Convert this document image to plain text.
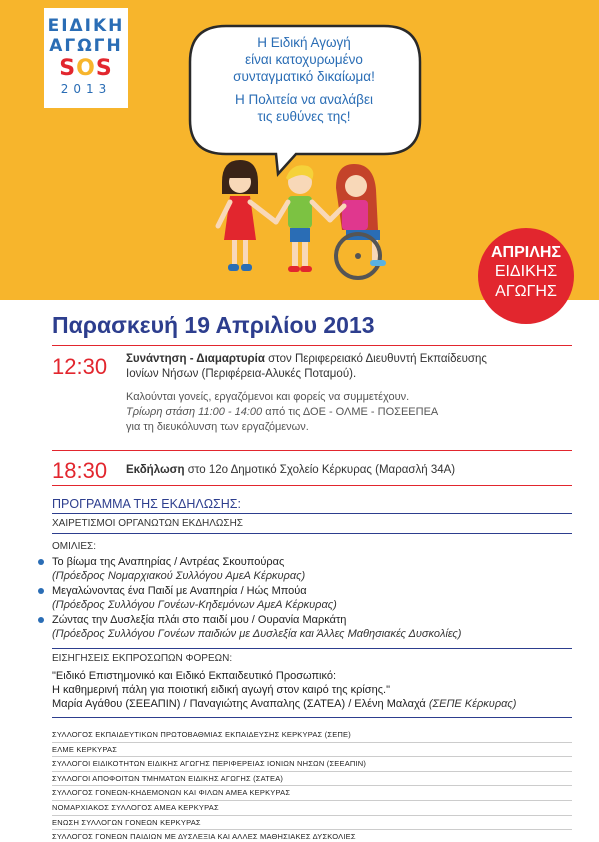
ΕΙΔΙΚΗ
ΑΓΩΓΗ
SOS
2013
Η Ειδική Αγωγή
είναι κατοχυρωμένο
συνταγματικό δικαίωμα!
Η Πολιτεία να αναλάβει
τις ευθύνες της!
ΑΠΡΙΛΗΣ
ΕΙΔΙΚΗΣ
ΑΓΩΓΗΣ
Παρασκευή 19 Απριλίου 2013
12:30 Συνάντηση - Διαμαρτυρία στον Περιφερειακό Διευθυντή Εκπαίδευσης
Ιονίων Νήσων (Περιφέρεια-Αλυκές Ποταμού).
Καλούνται γονείς, εργαζόμενοι και φορείς να συμμετέχουν.
Τρίωρη στάση 11:00 - 14:00 από τις ΔΟΕ - ΟΛΜΕ - ΠΟΣΕΕΠΕΑ
για τη διευκόλυνση των εργαζόμενων.
18:30 Εκδήλωση στο 12ο Δημοτικό Σχολείο Κέρκυρας (Μαρασλή 34Α)
ΠΡΟΓΡΑΜΜΑ ΤΗΣ ΕΚΔΗΛΩΣΗΣ:
ΧΑΙΡΕΤΙΣΜΟΙ ΟΡΓΑΝΩΤΩΝ ΕΚΔΗΛΩΣΗΣ
ΟΜΙΛΙΕΣ:
Το βίωμα της Αναπηρίας / Αντρέας Σκουπούρας
(Πρόεδρος Νομαρχιακού Συλλόγου ΑμεΑ Κέρκυρας)
Μεγαλώνοντας ένα Παιδί με Αναπηρία / Ηώς Μπούα
(Πρόεδρος Συλλόγου Γονέων-Κηδεμόνων ΑμεΑ Κέρκυρας)
Ζώντας την Δυσλεξία πλάι στο παιδί μου / Ουρανία Μαρκάτη
(Πρόεδρος Συλλόγου Γονέων παιδιών με Δυσλεξία και Άλλες Μαθησιακές Δυσκολίες)
ΕΙΣΗΓΗΣΕΙΣ ΕΚΠΡΟΣΩΠΩΝ ΦΟΡΕΩΝ:
"Ειδικό Επιστημονικό και Ειδικό Εκπαιδευτικό Προσωπικό:
Η καθημερινή πάλη για ποιοτική ειδική αγωγή στον καιρό της κρίσης."
Μαρία Αγάθου (ΣΕΕΑΠΙΝ) / Παναγιώτης Αναπαλης (ΣΑΤΕΑ) / Ελένη Μαλαχά (ΣΕΠΕ Κέρκυρας)
ΣΥΛΛΟΓΟΣ ΕΚΠΑΙΔΕΥΤΙΚΩΝ ΠΡΩΤΟΒΑΘΜΙΑΣ ΕΚΠΑΙΔΕΥΣΗΣ ΚΕΡΚΥΡΑΣ (ΣΕΠΕ)
ΕΛΜΕ ΚΕΡΚΥΡΑΣ
ΣΥΛΛΟΓΟΙ ΕΙΔΙΚΟΤΗΤΩΝ ΕΙΔΙΚΗΣ ΑΓΩΓΗΣ ΠΕΡΙΦΕΡΕΙΑΣ ΙΟΝΙΩΝ ΝΗΣΩΝ (ΣΕΕΑΠΙΝ)
ΣΥΛΛΟΓΟΙ ΑΠΟΦΟΙΤΩΝ ΤΜΗΜΑΤΩΝ ΕΙΔΙΚΗΣ ΑΓΩΓΗΣ (ΣΑΤΕΑ)
ΣΥΛΛΟΓΟΣ ΓΟΝΕΩΝ-ΚΗΔΕΜΟΝΩΝ ΚΑΙ ΦΙΛΩΝ ΑΜΕΑ ΚΕΡΚΥΡΑΣ
ΝΟΜΑΡΧΙΑΚΟΣ ΣΥΛΛΟΓΟΣ ΑΜΕΑ ΚΕΡΚΥΡΑΣ
ΕΝΩΣΗ ΣΥΛΛΟΓΩΝ ΓΟΝΕΩΝ ΚΕΡΚΥΡΑΣ
ΣΥΛΛΟΓΟΣ ΓΟΝΕΩΝ ΠΑΙΔΙΩΝ ΜΕ ΔΥΣΛΕΞΙΑ ΚΑΙ ΑΛΛΕΣ ΜΑΘΗΣΙΑΚΕΣ ΔΥΣΚΟΛΙΕΣ
